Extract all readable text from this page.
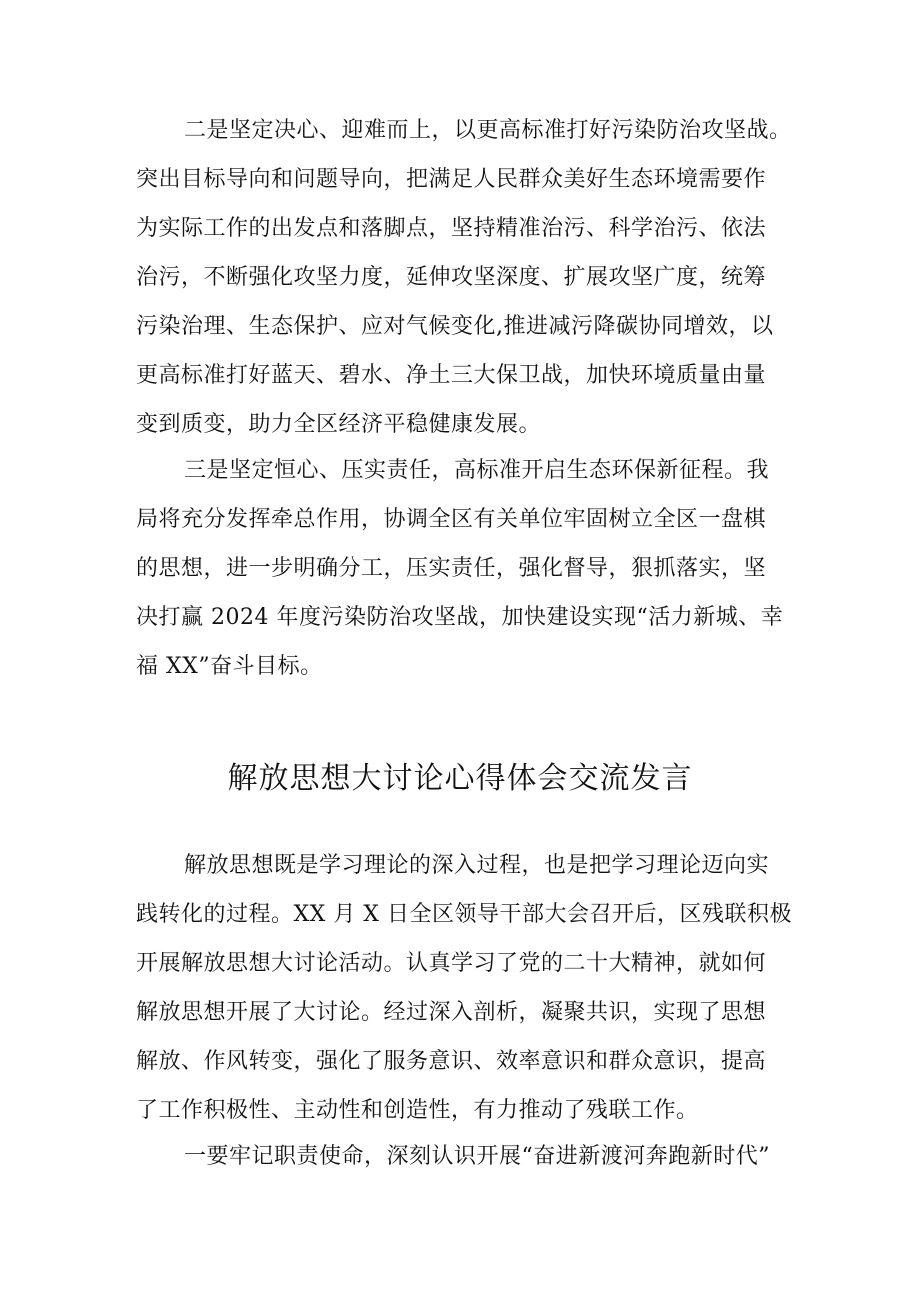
二是坚定决心、迎难而上，以更高标准打好污染防治攻坚战。
突出目标导向和问题导向，把满足人民群众美好生态环境需要作
为实际工作的出发点和落脚点，坚持精准治污、科学治污、依法
治污，不断强化攻坚力度，延伸攻坚深度、扩展攻坚广度，统筹
污染治理、生态保护、应对气候变化,推进减污降碳协同增效，以
更高标准打好蓝天、碧水、净土三大保卫战，加快环境质量由量
变到质变，助力全区经济平稳健康发展。
三是坚定恒心、压实责任，高标准开启生态环保新征程。我
局将充分发挥牵总作用，协调全区有关单位牢固树立全区一盘棋
的思想，进一步明确分工，压实责任，强化督导，狠抓落实，坚
决打赢 2024 年度污染防治攻坚战，加快建设实现“活力新城、幸
福 XX”奋斗目标。
解放思想大讨论心得体会交流发言
解放思想既是学习理论的深入过程，也是把学习理论迈向实
践转化的过程。XX 月 X 日全区领导干部大会召开后，区残联积极
开展解放思想大讨论活动。认真学习了党的二十大精神，就如何
解放思想开展了大讨论。经过深入剖析，凝聚共识，实现了思想
解放、作风转变，强化了服务意识、效率意识和群众意识，提高
了工作积极性、主动性和创造性，有力推动了残联工作。
一要牢记职责使命，深刻认识开展“奋进新渡河奔跑新时代”
